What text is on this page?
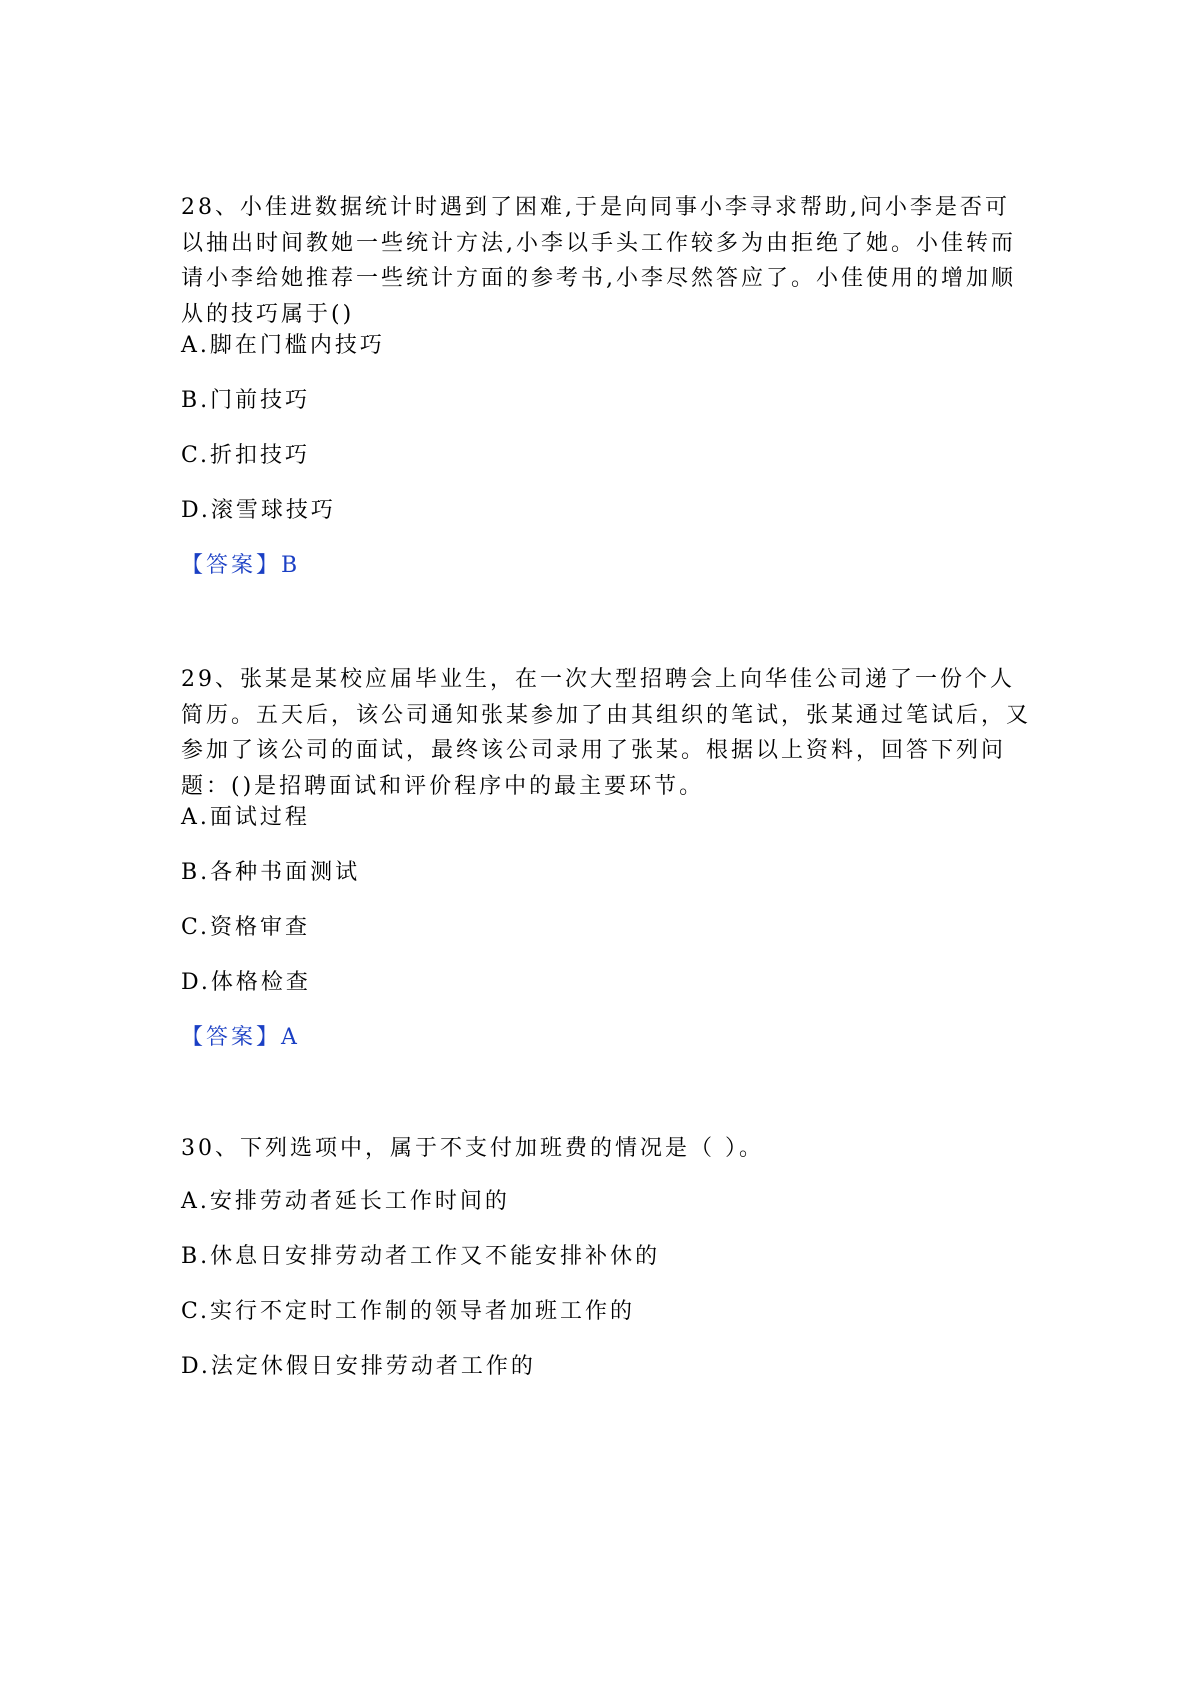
28、小佳进数据统计时遇到了困难,于是向同事小李寻求帮助,问小李是否可以抽出时间教她一些统计方法,小李以手头工作较多为由拒绝了她。小佳转而请小李给她推荐一些统计方面的参考书,小李尽然答应了。小佳使用的增加顺从的技巧属于()

A.脚在门槛内技巧

B.门前技巧

C.折扣技巧

D.滚雪球技巧

【答案】B

29、张某是某校应届毕业生，在一次大型招聘会上向华佳公司递了一份个人简历。五天后，该公司通知张某参加了由其组织的笔试，张某通过笔试后，又参加了该公司的面试，最终该公司录用了张某。根据以上资料，回答下列问题：()是招聘面试和评价程序中的最主要环节。

A.面试过程

B.各种书面测试

C.资格审查

D.体格检查

【答案】A

30、下列选项中，属于不支付加班费的情况是（ ）。

A.安排劳动者延长工作时间的

B.休息日安排劳动者工作又不能安排补休的

C.实行不定时工作制的领导者加班工作的

D.法定休假日安排劳动者工作的
